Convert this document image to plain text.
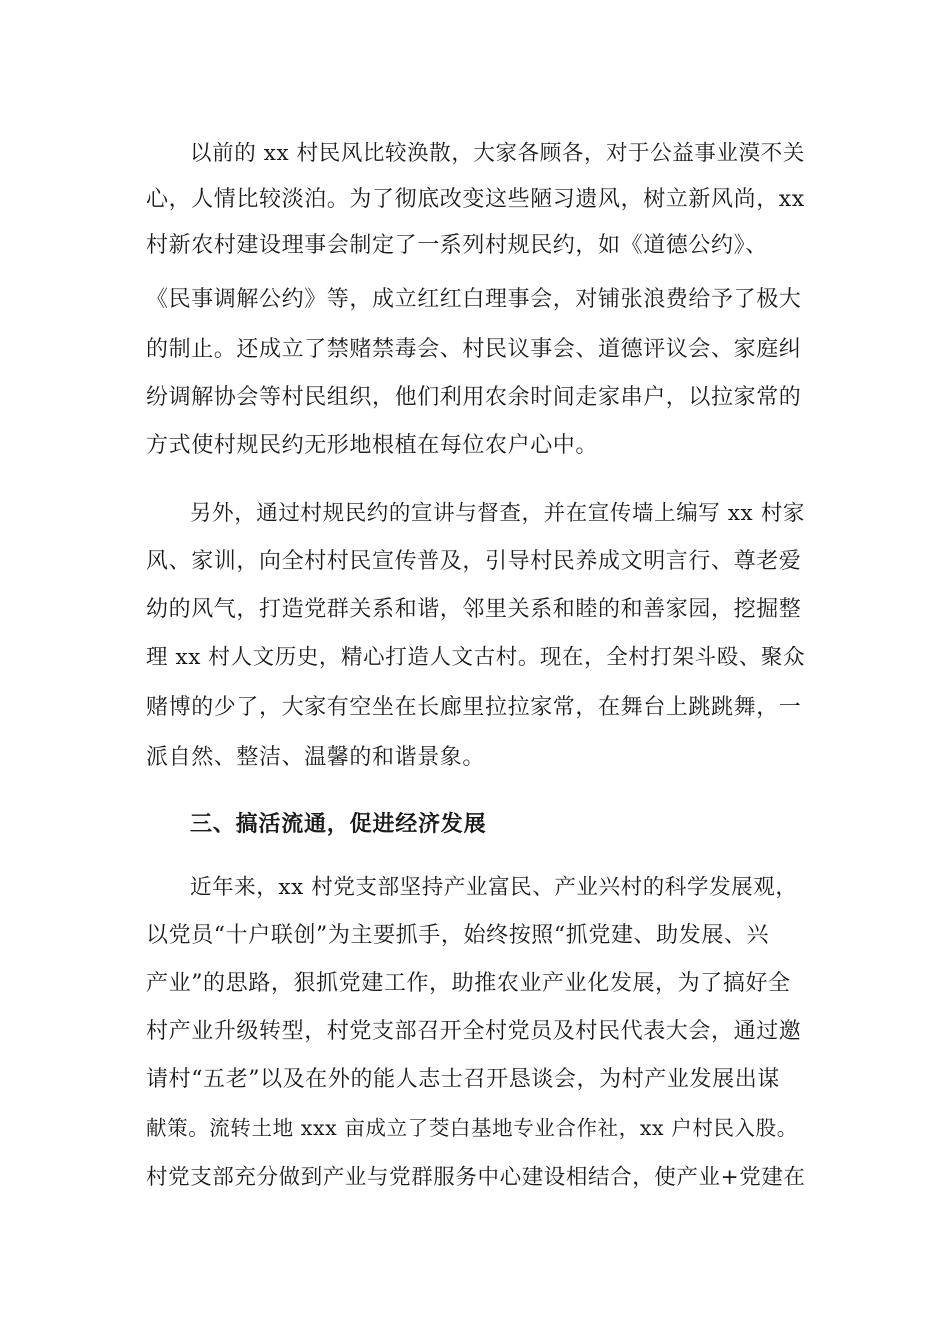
以前的 xx 村民风比较涣散，大家各顾各，对于公益事业漠不关
心，人情比较淡泊。为了彻底改变这些陋习遗风，树立新风尚，xx
村新农村建设理事会制定了一系列村规民约，如《道德公约》、
《民事调解公约》等，成立红红白理事会，对铺张浪费给予了极大
的制止。还成立了禁赌禁毒会、村民议事会、道德评议会、家庭纠
纷调解协会等村民组织，他们利用农余时间走家串户，以拉家常的
方式使村规民约无形地根植在每位农户心中。
另外，通过村规民约的宣讲与督查，并在宣传墙上编写 xx 村家
风、家训，向全村村民宣传普及，引导村民养成文明言行、尊老爱
幼的风气，打造党群关系和谐，邻里关系和睦的和善家园，挖掘整
理 xx 村人文历史，精心打造人文古村。现在，全村打架斗殴、聚众
赌博的少了，大家有空坐在长廊里拉拉家常，在舞台上跳跳舞，一
派自然、整洁、温馨的和谐景象。
三、搞活流通，促进经济发展
近年来，xx 村党支部坚持产业富民、产业兴村的科学发展观，
以党员“十户联创”为主要抓手，始终按照“抓党建、助发展、兴
产业”的思路，狠抓党建工作，助推农业产业化发展，为了搞好全
村产业升级转型，村党支部召开全村党员及村民代表大会，通过邀
请村“五老”以及在外的能人志士召开恳谈会，为村产业发展出谋
献策。流转土地 xxx 亩成立了茭白基地专业合作社，xx 户村民入股。
村党支部充分做到产业与党群服务中心建设相结合，使产业+党建在
